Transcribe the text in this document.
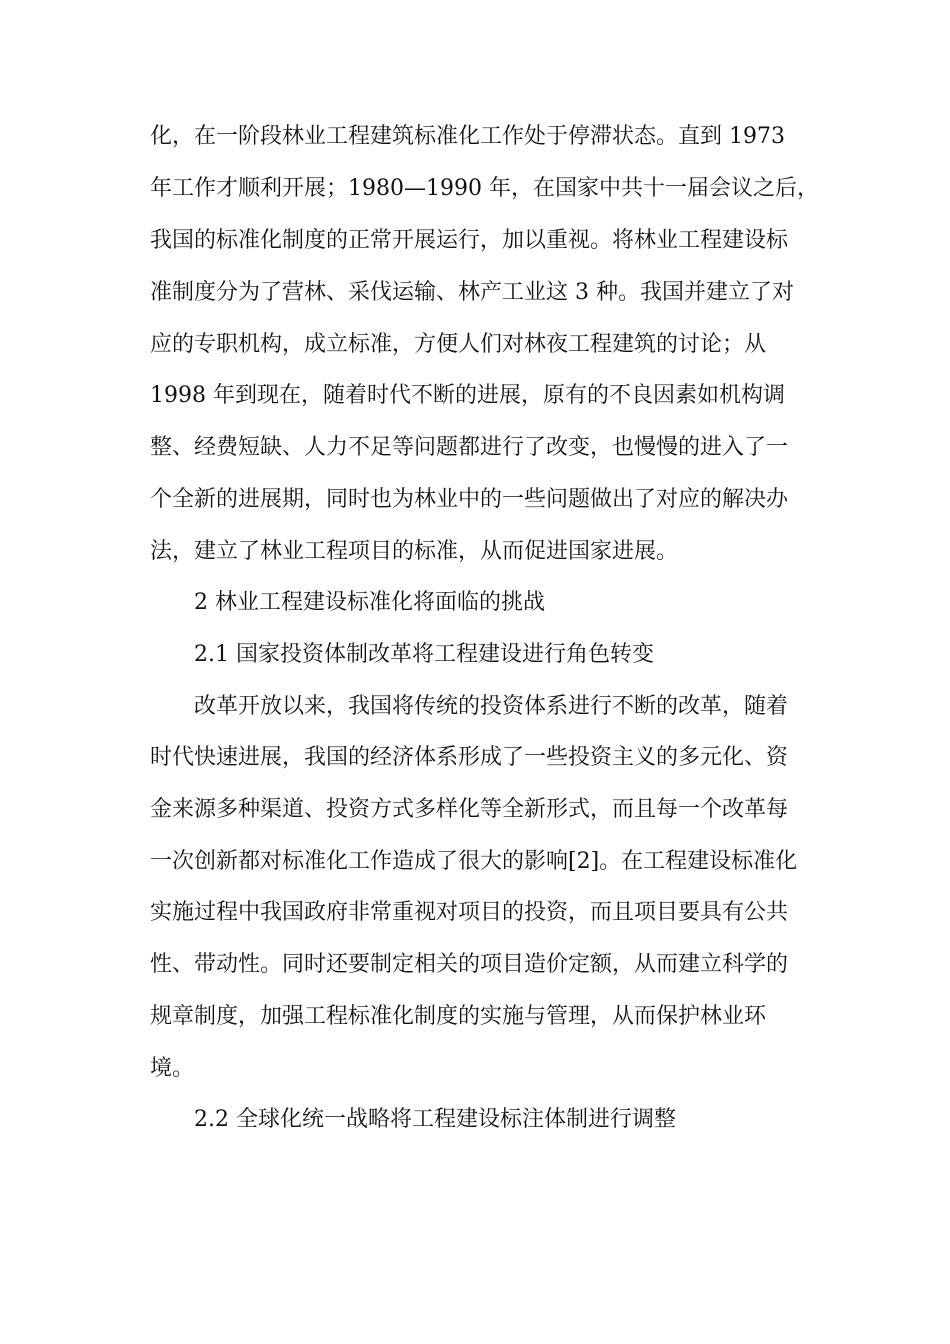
化，在一阶段林业工程建筑标准化工作处于停滞状态。直到 1973
年工作才顺利开展；1980—1990 年，在国家中共十一届会议之后，
我国的标准化制度的正常开展运行，加以重视。将林业工程建设标
准制度分为了营林、采伐运输、林产工业这 3 种。我国并建立了对
应的专职机构，成立标准，方便人们对林夜工程建筑的讨论；从
1998 年到现在，随着时代不断的进展，原有的不良因素如机构调
整、经费短缺、人力不足等问题都进行了改变，也慢慢的进入了一
个全新的进展期，同时也为林业中的一些问题做出了对应的解决办
法，建立了林业工程项目的标准，从而促进国家进展。
2 林业工程建设标准化将面临的挑战
2.1 国家投资体制改革将工程建设进行角色转变
改革开放以来，我国将传统的投资体系进行不断的改革，随着
时代快速进展，我国的经济体系形成了一些投资主义的多元化、资
金来源多种渠道、投资方式多样化等全新形式，而且每一个改革每
一次创新都对标准化工作造成了很大的影响[2]。在工程建设标准化
实施过程中我国政府非常重视对项目的投资，而且项目要具有公共
性、带动性。同时还要制定相关的项目造价定额，从而建立科学的
规章制度，加强工程标准化制度的实施与管理，从而保护林业环
境。
2.2 全球化统一战略将工程建设标注体制进行调整
